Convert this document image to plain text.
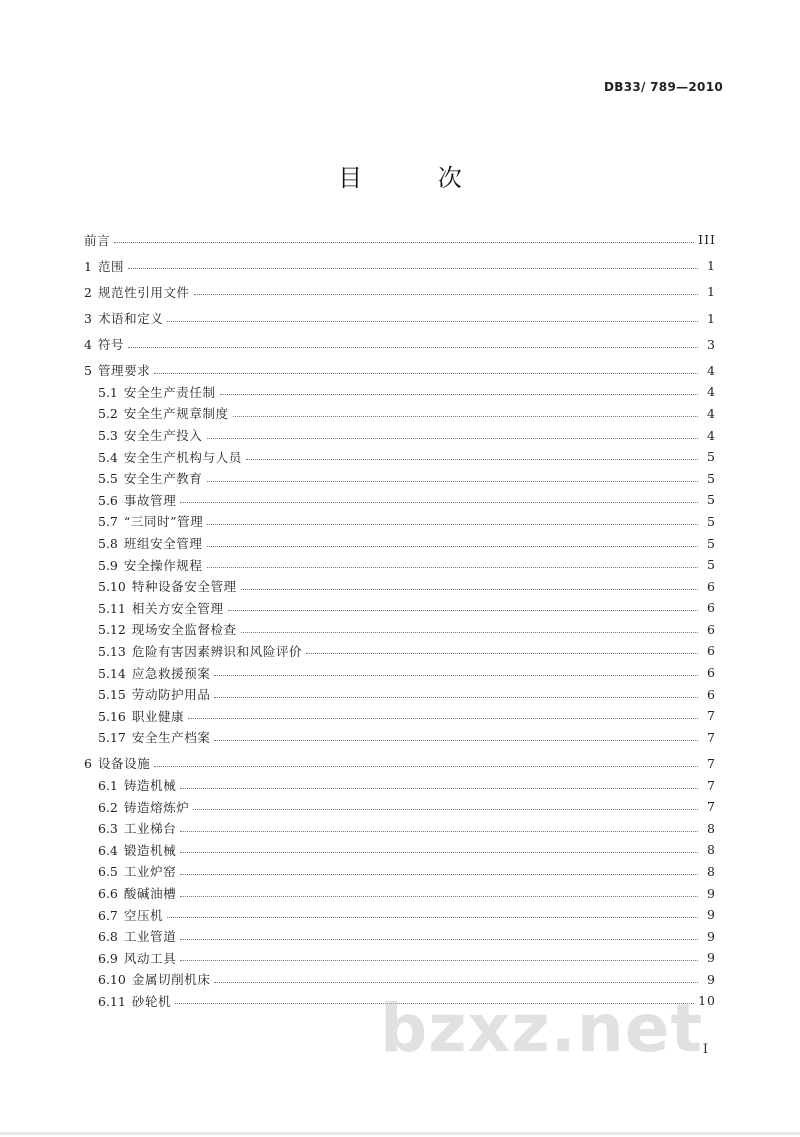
DB33/ 789—2010
目 次
前言	III
1 范围	1
2 规范性引用文件	1
3 术语和定义	1
4 符号	3
5 管理要求	4
5.1 安全生产责任制	4
5.2 安全生产规章制度	4
5.3 安全生产投入	4
5.4 安全生产机构与人员	5
5.5 安全生产教育	5
5.6 事故管理	5
5.7 “三同时”管理	5
5.8 班组安全管理	5
5.9 安全操作规程	5
5.10 特种设备安全管理	6
5.11 相关方安全管理	6
5.12 现场安全监督检查	6
5.13 危险有害因素辨识和风险评价	6
5.14 应急救援预案	6
5.15 劳动防护用品	6
5.16 职业健康	7
5.17 安全生产档案	7
6 设备设施	7
6.1 铸造机械	7
6.2 铸造熔炼炉	7
6.3 工业梯台	8
6.4 锻造机械	8
6.5 工业炉窑	8
6.6 酸碱油槽	9
6.7 空压机	9
6.8 工业管道	9
6.9 风动工具	9
6.10 金属切削机床	9
6.11 砂轮机	10
I
bzxz.net
